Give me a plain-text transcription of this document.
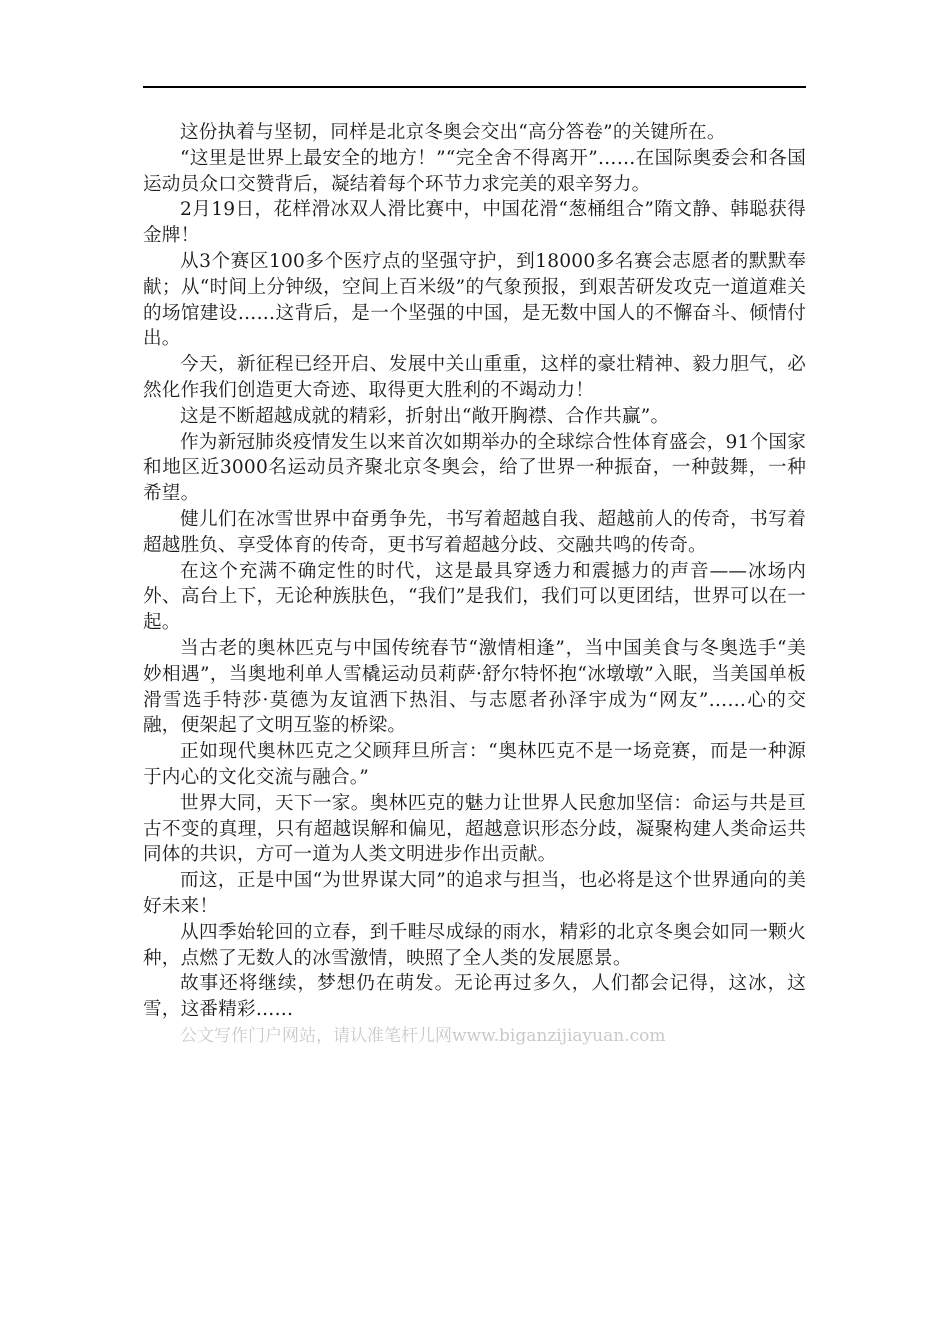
这份执着与坚韧，同样是北京冬奥会交出“高分答卷”的关键所在。

“这里是世界上最安全的地方！”“完全舍不得离开”……在国际奥委会和各国运动员众口交赞背后，凝结着每个环节力求完美的艰辛努力。

2月19日，花样滑冰双人滑比赛中，中国花滑“葱桶组合”隋文静、韩聪获得金牌！

从3个赛区100多个医疗点的坚强守护，到18000多名赛会志愿者的默默奉献；从“时间上分钟级，空间上百米级”的气象预报，到艰苦研发攻克一道道难关的场馆建设……这背后，是一个坚强的中国，是无数中国人的不懈奋斗、倾情付出。

今天，新征程已经开启、发展中关山重重，这样的豪壮精神、毅力胆气，必然化作我们创造更大奇迹、取得更大胜利的不竭动力！

这是不断超越成就的精彩，折射出“敞开胸襟、合作共赢”。

作为新冠肺炎疫情发生以来首次如期举办的全球综合性体育盛会，91个国家和地区近3000名运动员齐聚北京冬奥会，给了世界一种振奋，一种鼓舞，一种希望。

健儿们在冰雪世界中奋勇争先，书写着超越自我、超越前人的传奇，书写着超越胜负、享受体育的传奇，更书写着超越分歧、交融共鸣的传奇。

在这个充满不确定性的时代，这是最具穿透力和震撼力的声音——冰场内外、高台上下，无论种族肤色，“我们”是我们，我们可以更团结，世界可以在一起。

当古老的奥林匹克与中国传统春节“激情相逢”，当中国美食与冬奥选手“美妙相遇”，当奥地利单人雪橇运动员莉萨·舒尔特怀抱“冰墩墩”入眠，当美国单板滑雪选手特莎·莫德为友谊洒下热泪、与志愿者孙泽宇成为“网友”……心的交融，便架起了文明互鉴的桥梁。

正如现代奥林匹克之父顾拜旦所言：“奥林匹克不是一场竞赛，而是一种源于内心的文化交流与融合。”

世界大同，天下一家。奥林匹克的魅力让世界人民愈加坚信：命运与共是亘古不变的真理，只有超越误解和偏见，超越意识形态分歧，凝聚构建人类命运共同体的共识，方可一道为人类文明进步作出贡献。

而这，正是中国“为世界谋大同”的追求与担当，也必将是这个世界通向的美好未来！

从四季始轮回的立春，到千畦尽成绿的雨水，精彩的北京冬奥会如同一颗火种，点燃了无数人的冰雪激情，映照了全人类的发展愿景。

故事还将继续，梦想仍在萌发。无论再过多久，人们都会记得，这冰，这雪，这番精彩……

公文写作门户网站，请认准笔杆儿网www.biganzijiayuan.com
